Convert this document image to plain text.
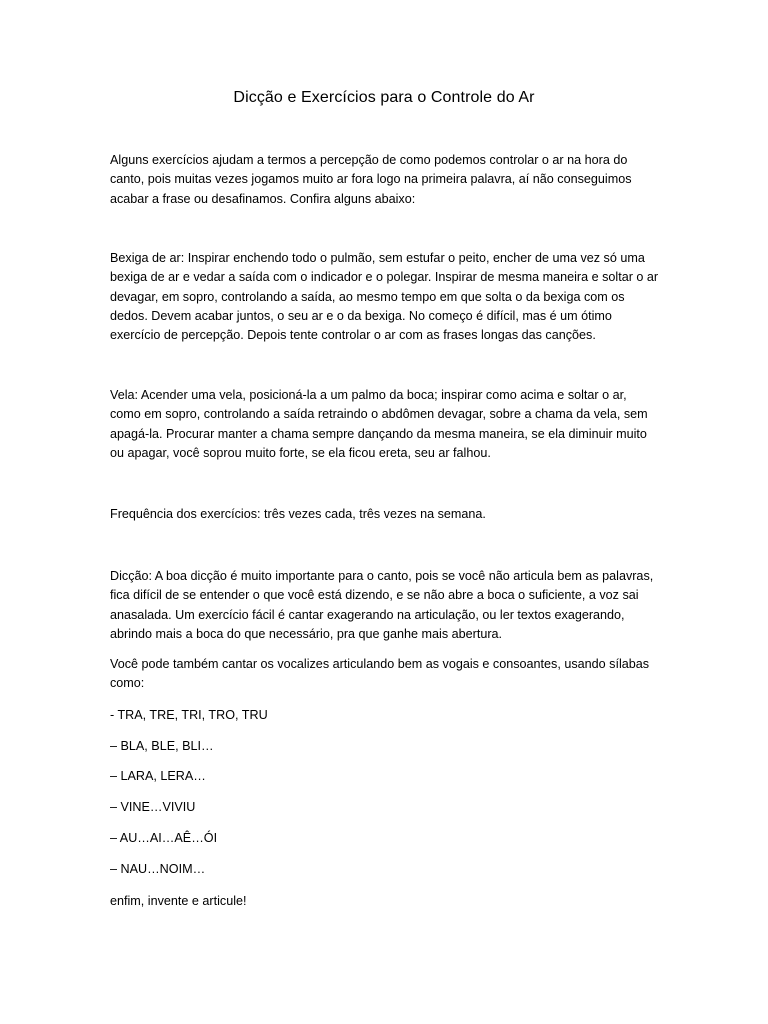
Dicção e Exercícios para o Controle do Ar

Alguns exercícios ajudam a termos a percepção de como podemos controlar o ar na hora do canto, pois muitas vezes jogamos muito ar fora logo na primeira palavra, aí não conseguimos acabar a frase ou desafinamos. Confira alguns abaixo:

Bexiga de ar: Inspirar enchendo todo o pulmão, sem estufar o peito, encher de uma vez só uma bexiga de ar e vedar a saída com o indicador e o polegar. Inspirar de mesma maneira e soltar o ar devagar, em sopro, controlando a saída, ao mesmo tempo em que solta o da bexiga com os dedos. Devem acabar juntos, o seu ar e o da bexiga. No começo é difícil, mas é um ótimo exercício de percepção. Depois tente controlar o ar com as frases longas das canções.

Vela: Acender uma vela, posicioná-la a um palmo da boca; inspirar como acima e soltar o ar, como em sopro, controlando a saída retraindo o abdômen devagar, sobre a chama da vela, sem apagá-la. Procurar manter a chama sempre dançando da mesma maneira, se ela diminuir muito ou apagar, você soprou muito forte, se ela ficou ereta, seu ar falhou.

Frequência dos exercícios: três vezes cada, três vezes na semana.

Dicção: A boa dicção é muito importante para o canto, pois se você não articula bem as palavras, fica difícil de se entender o que você está dizendo, e se não abre a boca o suficiente, a voz sai anasalada. Um exercício fácil é cantar exagerando na articulação, ou ler textos exagerando, abrindo mais a boca do que necessário, pra que ganhe mais abertura.

Você pode também cantar os vocalizes articulando bem as vogais e consoantes, usando sílabas como:

- TRA, TRE, TRI, TRO, TRU

– BLA, BLE, BLI…

– LARA, LERA…

– VINE…VIVIU

– AU…AI…AÊ…ÓI

– NAU…NOIM…

enfim, invente e articule!
